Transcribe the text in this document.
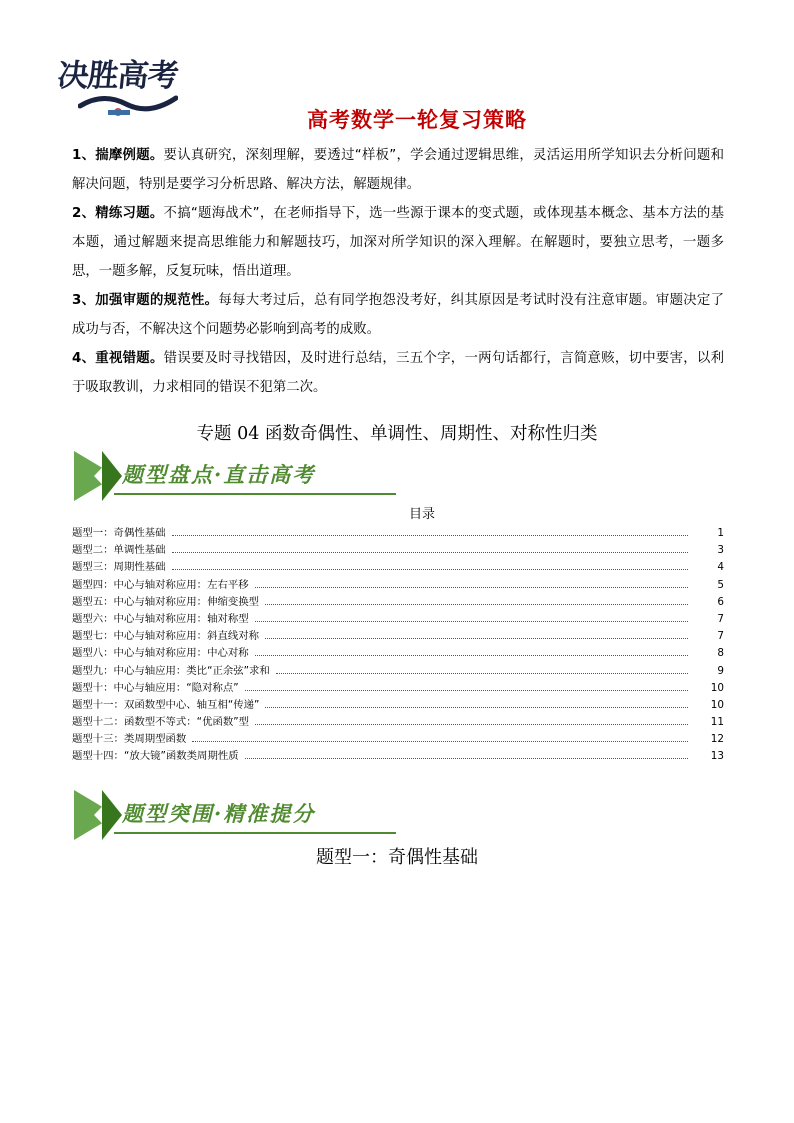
决胜高考
高考数学一轮复习策略

1、揣摩例题。要认真研究，深刻理解，要透过“样板”，学会通过逻辑思维，灵活运用所学知识去分析问题和解决问题，特别是要学习分析思路、解决方法，解题规律。

2、精练习题。不搞“题海战术”，在老师指导下，选一些源于课本的变式题，或体现基本概念、基本方法的基本题，通过解题来提高思维能力和解题技巧，加深对所学知识的深入理解。在解题时，要独立思考，一题多思，一题多解，反复玩味，悟出道理。

3、加强审题的规范性。每每大考过后，总有同学抱怨没考好，纠其原因是考试时没有注意审题。审题决定了成功与否，不解决这个问题势必影响到高考的成败。

4、重视错题。错误要及时寻找错因，及时进行总结，三五个字，一两句话都行，言简意赅，切中要害，以利于吸取教训，力求相同的错误不犯第二次。

专题 04 函数奇偶性、单调性、周期性、对称性归类
题型盘点·直击高考
目录
题型一：奇偶性基础	1
题型二：单调性基础	3
题型三：周期性基础	4
题型四：中心与轴对称应用：左右平移	5
题型五：中心与轴对称应用：伸缩变换型	6
题型六：中心与轴对称应用：轴对称型	7
题型七：中心与轴对称应用：斜直线对称	7
题型八：中心与轴对称应用：中心对称	8
题型九：中心与轴应用：类比“正余弦”求和	9
题型十：中心与轴应用：“隐对称点”	10
题型十一：双函数型中心、轴互相“传递”	10
题型十二：函数型不等式：“优函数”型	11
题型十三：类周期型函数	12
题型十四：“放大镜”函数类周期性质	13
题型突围·精准提分
题型一：奇偶性基础
